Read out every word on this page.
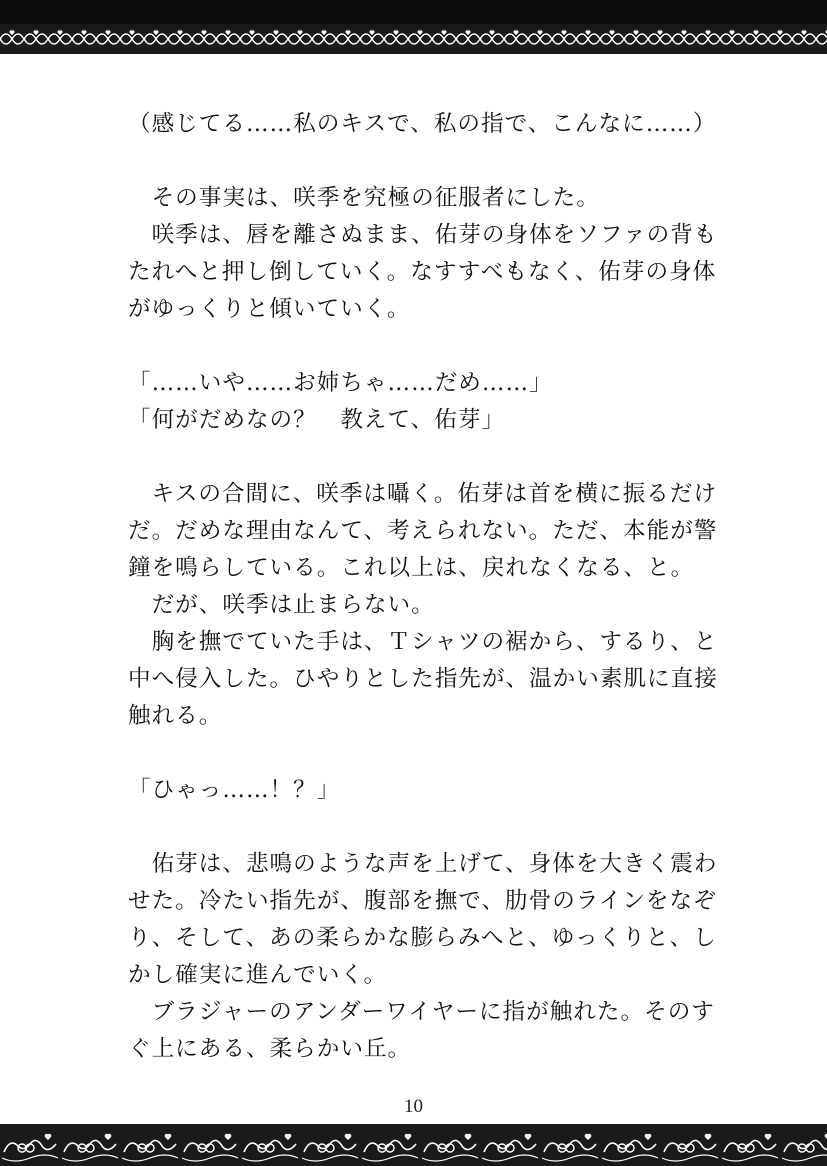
（感じてる……私のキスで、私の指で、こんなに……）
　その事実は、咲季を究極の征服者にした。
　咲季は、唇を離さぬまま、佑芽の身体をソファの背も
たれへと押し倒していく。なすすべもなく、佑芽の身体
がゆっくりと傾いていく。
「……いや……お姉ちゃ……だめ……」
「何がだめなの？　教えて、佑芽」
　キスの合間に、咲季は囁く。佑芽は首を横に振るだけ
だ。だめな理由なんて、考えられない。ただ、本能が警
鐘を鳴らしている。これ以上は、戻れなくなる、と。
　だが、咲季は止まらない。
　胸を撫でていた手は、Ｔシャツの裾から、するり、と
中へ侵入した。ひやりとした指先が、温かい素肌に直接
触れる。
「ひゃっ……！？」
　佑芽は、悲鳴のような声を上げて、身体を大きく震わ
せた。冷たい指先が、腹部を撫で、肋骨のラインをなぞ
り、そして、あの柔らかな膨らみへと、ゆっくりと、し
かし確実に進んでいく。
　ブラジャーのアンダーワイヤーに指が触れた。そのす
ぐ上にある、柔らかい丘。
10
